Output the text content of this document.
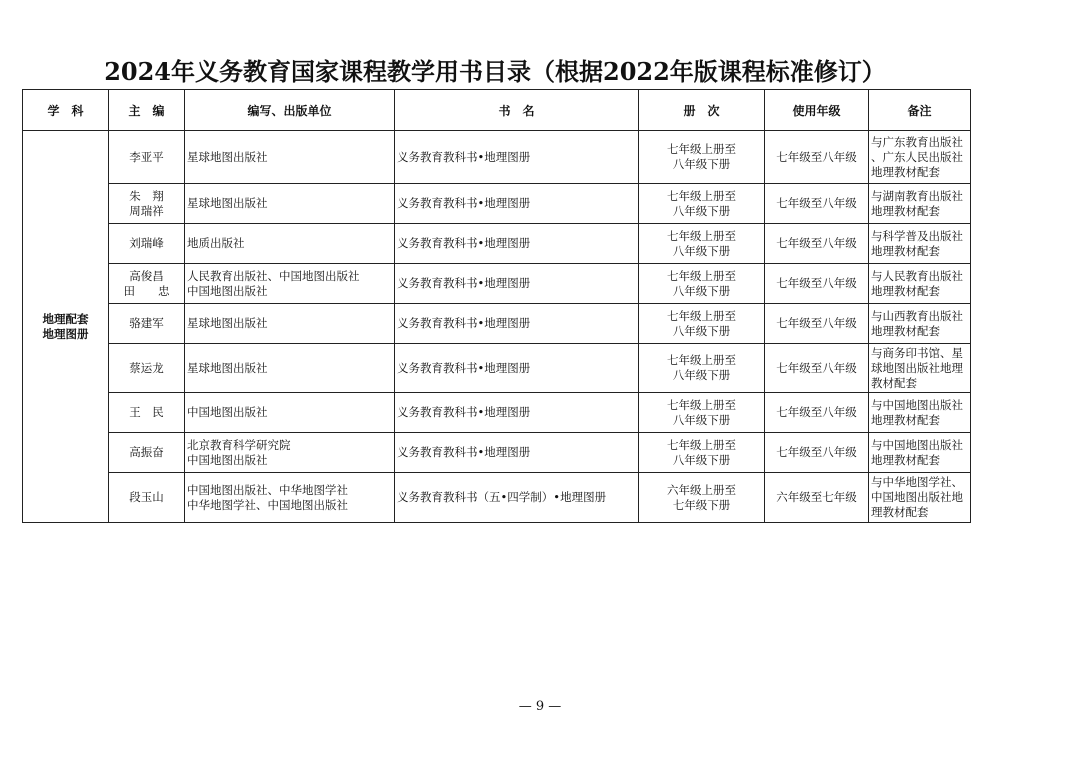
2024年义务教育国家课程教学用书目录（根据2022年版课程标准修订）
学　科	主　编	编写、出版单位	书　名	册　次	使用年级	备注

地理配套
地理图册	李亚平	星球地图出版社	义务教育教科书•地理图册	七年级上册至
八年级下册	七年级至八年级	与广东教育出版社
、广东人民出版社
地理教材配套

	朱　翔
周瑞祥	星球地图出版社	义务教育教科书•地理图册	七年级上册至
八年级下册	七年级至八年级	与湖南教育出版社
地理教材配套

	刘瑞峰	地质出版社	义务教育教科书•地理图册	七年级上册至
八年级下册	七年级至八年级	与科学普及出版社
地理教材配套

	高俊昌
田　　忠	人民教育出版社、中国地图出版社
中国地图出版社	义务教育教科书•地理图册	七年级上册至
八年级下册	七年级至八年级	与人民教育出版社
地理教材配套

	骆建军	星球地图出版社	义务教育教科书•地理图册	七年级上册至
八年级下册	七年级至八年级	与山西教育出版社
地理教材配套

	蔡运龙	星球地图出版社	义务教育教科书•地理图册	七年级上册至
八年级下册	七年级至八年级	与商务印书馆、星
球地图出版社地理
教材配套

	王　民	中国地图出版社	义务教育教科书•地理图册	七年级上册至
八年级下册	七年级至八年级	与中国地图出版社
地理教材配套

	高振奋	北京教育科学研究院
中国地图出版社	义务教育教科书•地理图册	七年级上册至
八年级下册	七年级至八年级	与中国地图出版社
地理教材配套

	段玉山	中国地图出版社、中华地图学社
中华地图学社、中国地图出版社	义务教育教科书（五•四学制）•地理图册	六年级上册至
七年级下册	六年级至七年级	与中华地图学社、
中国地图出版社地
理教材配套
— 9 —
